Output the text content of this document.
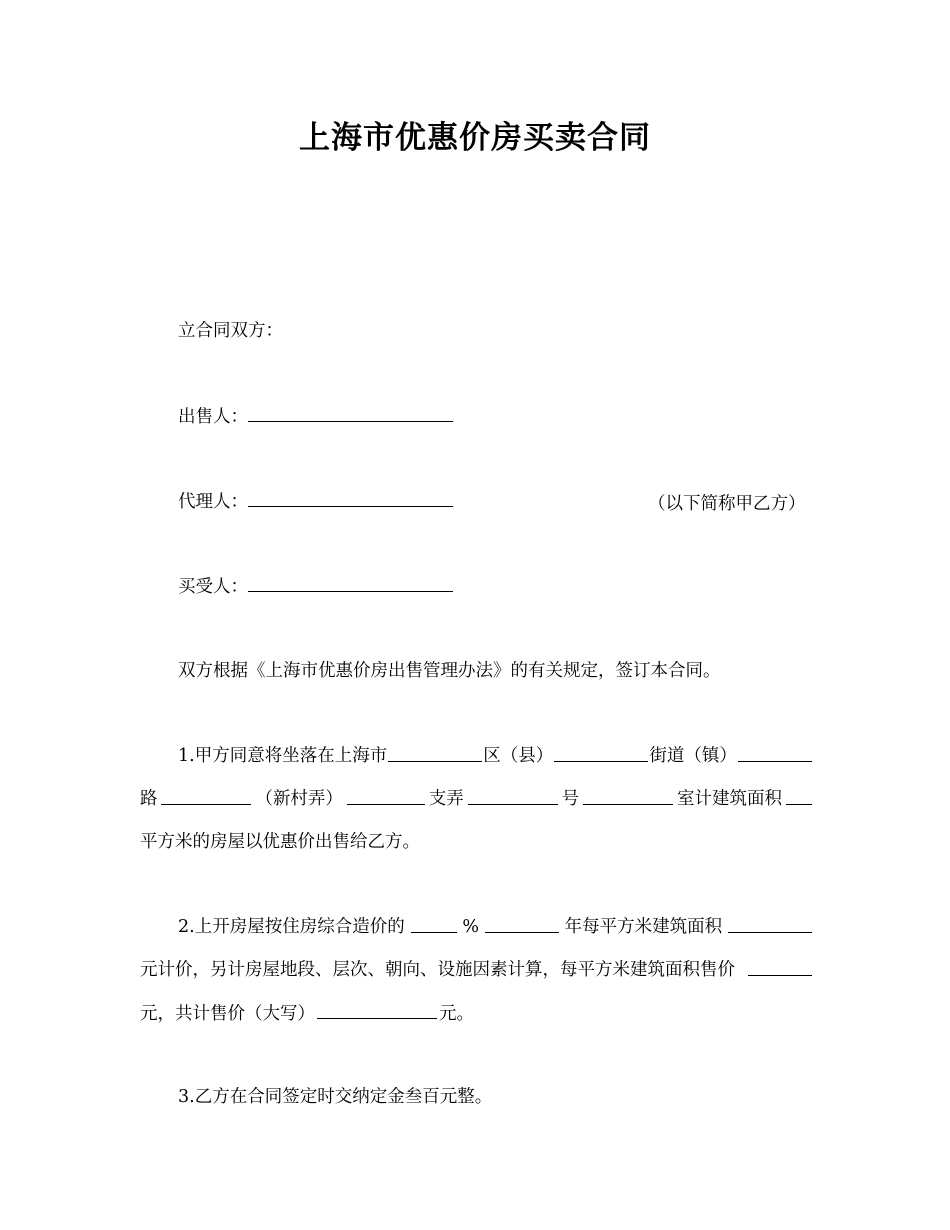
上海市优惠价房买卖合同
立合同双方：
出售人：
代理人：	（以下简称甲乙方）
买受人：
双方根据《上海市优惠价房出售管理办法》的有关规定，签订本合同。
1.甲方同意将坐落在上海市	区（县）	街道（镇）
路	（新村弄）	支弄	号	室计建筑面积
平方米的房屋以优惠价出售给乙方。
2.上开房屋按住房综合造价的	%	年每平方米建筑面积
元计价，另计房屋地段、层次、朝向、设施因素计算，每平方米建筑面积售价
元，共计售价（大写）	元。
3.乙方在合同签定时交纳定金叁百元整。
